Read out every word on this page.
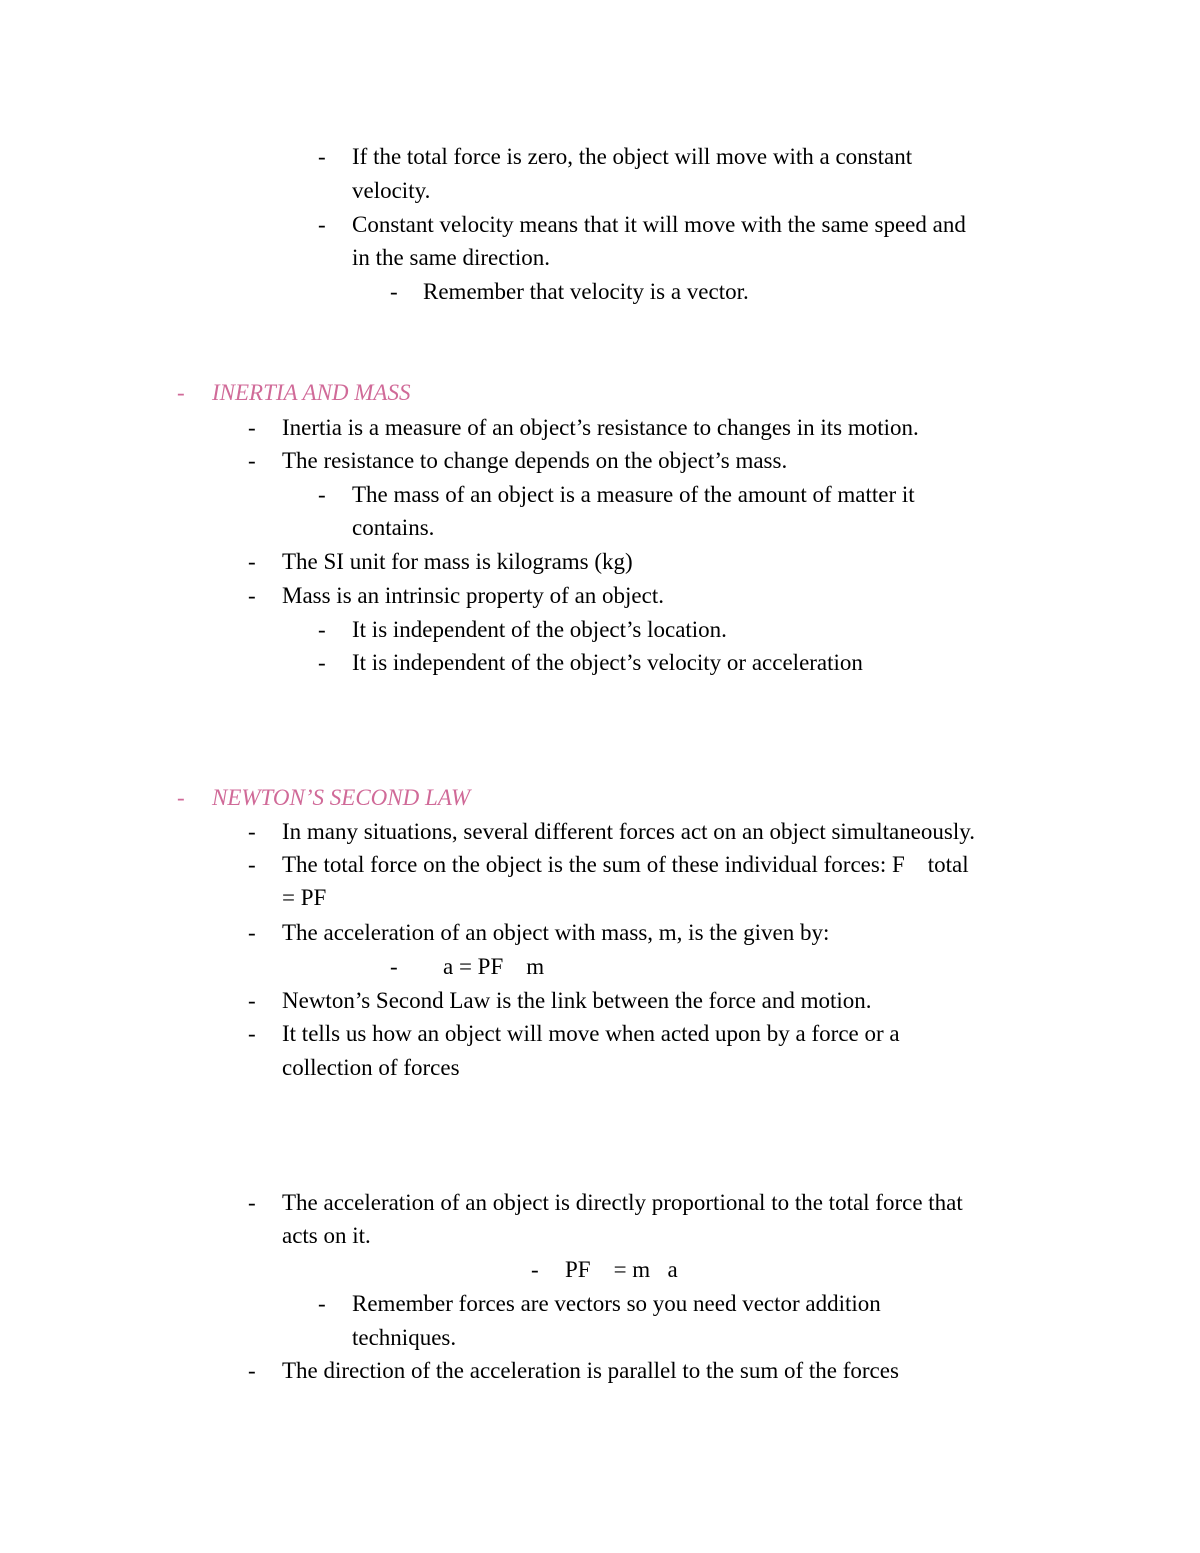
- If the total force is zero, the object will move with a constant
velocity.
- Constant velocity means that it will move with the same speed and
in the same direction.
- Remember that velocity is a vector.
- INERTIA AND MASS
- Inertia is a measure of an object’s resistance to changes in its motion.
- The resistance to change depends on the object’s mass.
- The mass of an object is a measure of the amount of matter it
contains.
- The SI unit for mass is kilograms (kg)
- Mass is an intrinsic property of an object.
- It is independent of the object’s location.
- It is independent of the object’s velocity or acceleration
- NEWTON’S SECOND LAW
- In many situations, several different forces act on an object simultaneously.
- The total force on the object is the sum of these individual forces: F    total
= PF
- The acceleration of an object with mass, m, is the given by:
- a = PF    m
- Newton’s Second Law is the link between the force and motion.
- It tells us how an object will move when acted upon by a force or a
collection of forces
- The acceleration of an object is directly proportional to the total force that
acts on it.
- PF    = m   a
- Remember forces are vectors so you need vector addition
techniques.
- The direction of the acceleration is parallel to the sum of the forces
